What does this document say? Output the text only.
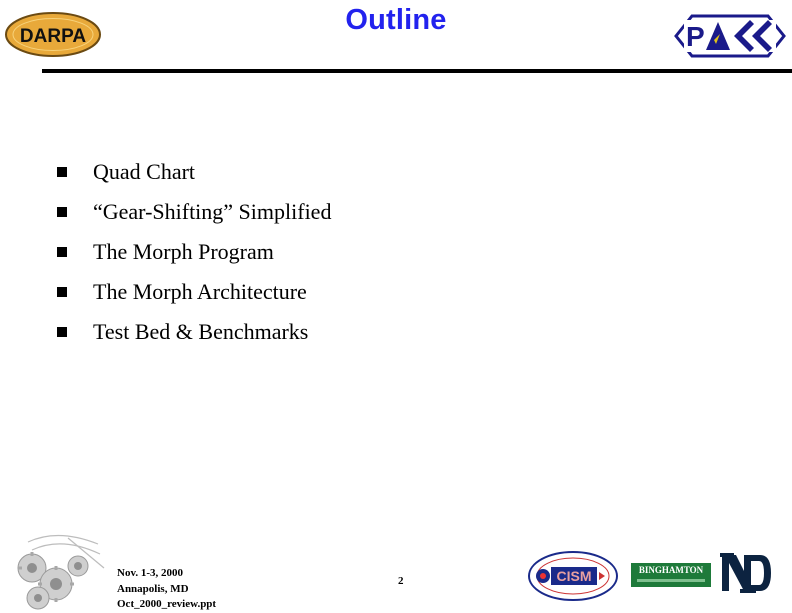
DARPA
Outline
P
Quad Chart
“Gear-Shifting” Simplified
The Morph Program
The Morph Architecture
Test Bed & Benchmarks
Nov. 1-3, 2000
Annapolis, MD
Oct_2000_review.ppt
2	CISM	BINGHAMTON
